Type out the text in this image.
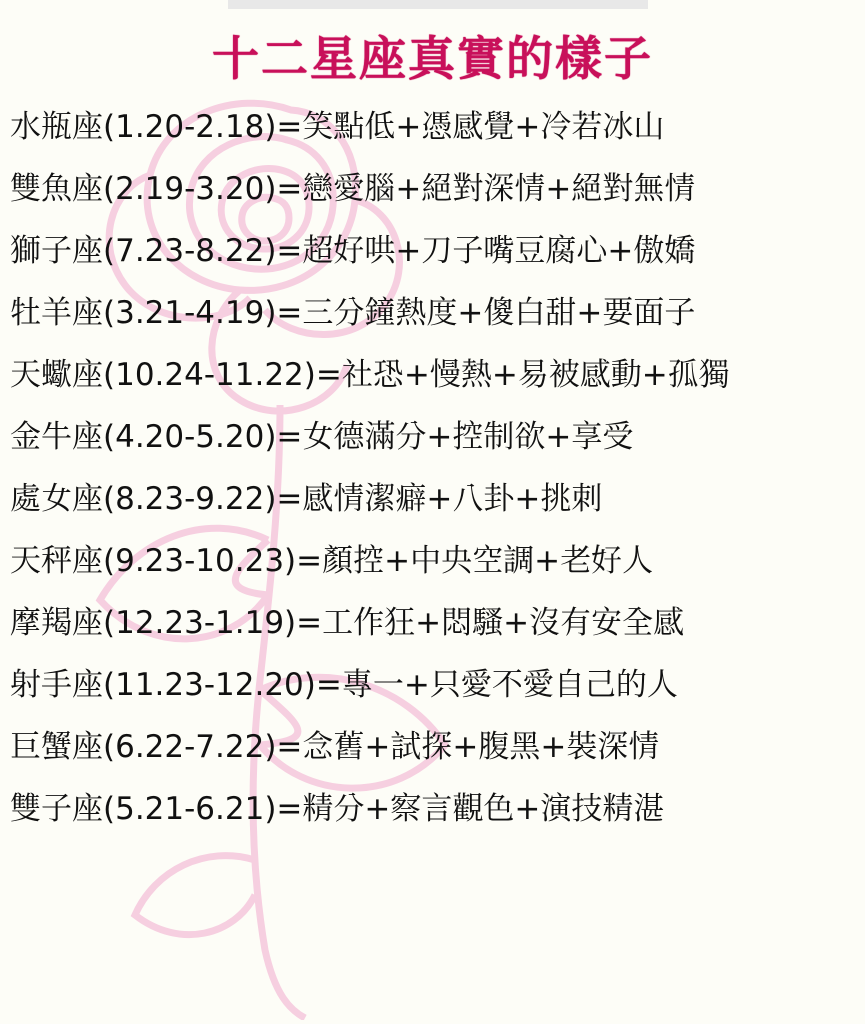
十二星座真實的樣子
水瓶座(1.20-2.18)=笑點低+憑感覺+冷若冰山
雙魚座(2.19-3.20)=戀愛腦+絕對深情+絕對無情
獅子座(7.23-8.22)=超好哄+刀子嘴豆腐心+傲嬌
牡羊座(3.21-4.19)=三分鐘熱度+傻白甜+要面子
天蠍座(10.24-11.22)=社恐+慢熱+易被感動+孤獨
金牛座(4.20-5.20)=女德滿分+控制欲+享受
處女座(8.23-9.22)=感情潔癖+八卦+挑刺
天秤座(9.23-10.23)=顏控+中央空調+老好人
摩羯座(12.23-1.19)=工作狂+悶騷+沒有安全感
射手座(11.23-12.20)=專一+只愛不愛自己的人
巨蟹座(6.22-7.22)=念舊+試探+腹黑+裝深情
雙子座(5.21-6.21)=精分+察言觀色+演技精湛
